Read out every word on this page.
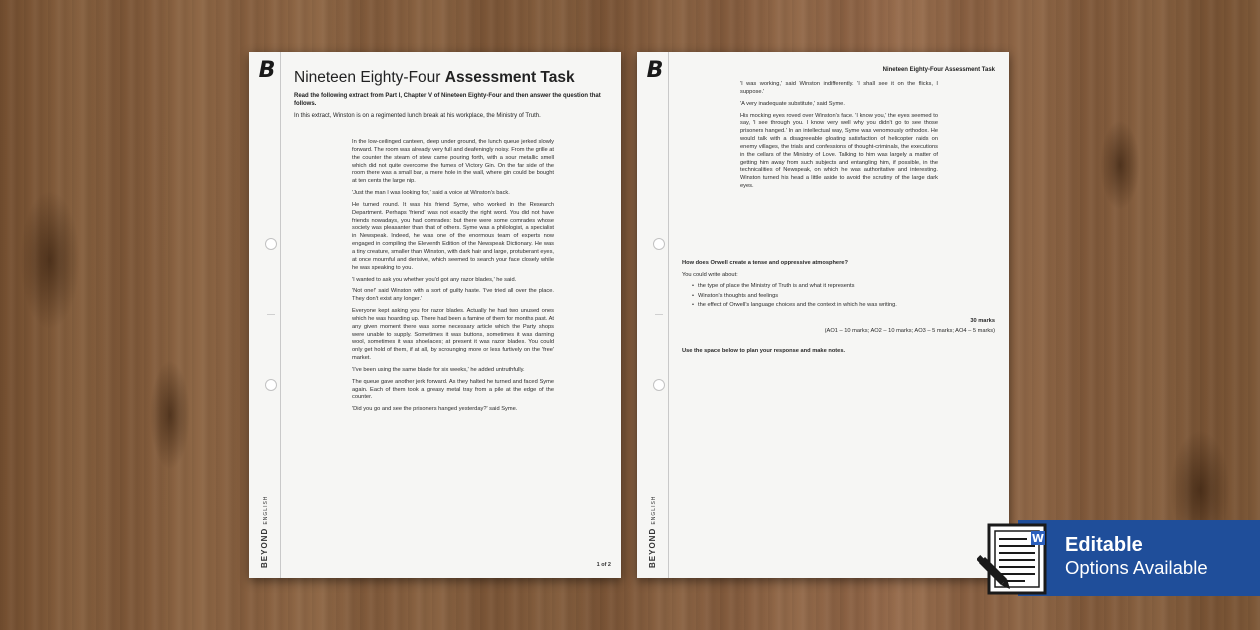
B
BEYOND ENGLISH
Nineteen Eighty-Four Assessment Task
Read the following extract from Part I, Chapter V of Nineteen Eighty-Four and then answer the question that follows.
In this extract, Winston is on a regimented lunch break at his workplace, the Ministry of Truth.

In the low-ceilinged canteen, deep under ground, the lunch queue jerked slowly forward. The room was already very full and deafeningly noisy. From the grille at the counter the steam of stew came pouring forth, with a sour metallic smell which did not quite overcome the fumes of Victory Gin. On the far side of the room there was a small bar, a mere hole in the wall, where gin could be bought at ten cents the large nip.

'Just the man I was looking for,' said a voice at Winston's back.

He turned round. It was his friend Syme, who worked in the Research Department. Perhaps 'friend' was not exactly the right word. You did not have friends nowadays, you had comrades: but there were some comrades whose society was pleasanter than that of others. Syme was a philologist, a specialist in Newspeak. Indeed, he was one of the enormous team of experts now engaged in compiling the Eleventh Edition of the Newspeak Dictionary. He was a tiny creature, smaller than Winston, with dark hair and large, protuberant eyes, at once mournful and derisive, which seemed to search your face closely while he was speaking to you.

'I wanted to ask you whether you'd got any razor blades,' he said.

'Not one!' said Winston with a sort of guilty haste. 'I've tried all over the place. They don't exist any longer.'

Everyone kept asking you for razor blades. Actually he had two unused ones which he was hoarding up. There had been a famine of them for months past. At any given moment there was some necessary article which the Party shops were unable to supply. Sometimes it was buttons, sometimes it was darning wool, sometimes it was shoelaces; at present it was razor blades. You could only get hold of them, if at all, by scrounging more or less furtively on the 'free' market.

'I've been using the same blade for six weeks,' he added untruthfully.

The queue gave another jerk forward. As they halted he turned and faced Syme again. Each of them took a greasy metal tray from a pile at the edge of the counter.

'Did you go and see the prisoners hanged yesterday?' said Syme.

1 of 2
B
BEYOND ENGLISH
Nineteen Eighty-Four Assessment Task

'I was working,' said Winston indifferently. 'I shall see it on the flicks, I suppose.'

'A very inadequate substitute,' said Syme.

His mocking eyes roved over Winston's face. 'I know you,' the eyes seemed to say, 'I see through you. I know very well why you didn't go to see those prisoners hanged.' In an intellectual way, Syme was venomously orthodox. He would talk with a disagreeable gloating satisfaction of helicopter raids on enemy villages, the trials and confessions of thought-criminals, the executions in the cellars of the Ministry of Love. Talking to him was largely a matter of getting him away from such subjects and entangling him, if possible, in the technicalities of Newspeak, on which he was authoritative and interesting. Winston turned his head a little aside to avoid the scrutiny of the large dark eyes.

How does Orwell create a tense and oppressive atmosphere?
You could write about:
• the type of place the Ministry of Truth is and what it represents
• Winston's thoughts and feelings
• the effect of Orwell's language choices and the context in which he was writing.
30 marks
(AO1 – 10 marks; AO2 – 10 marks; AO3 – 5 marks; AO4 – 5 marks)
Use the space below to plan your response and make notes.
Editable
Options Available
W
